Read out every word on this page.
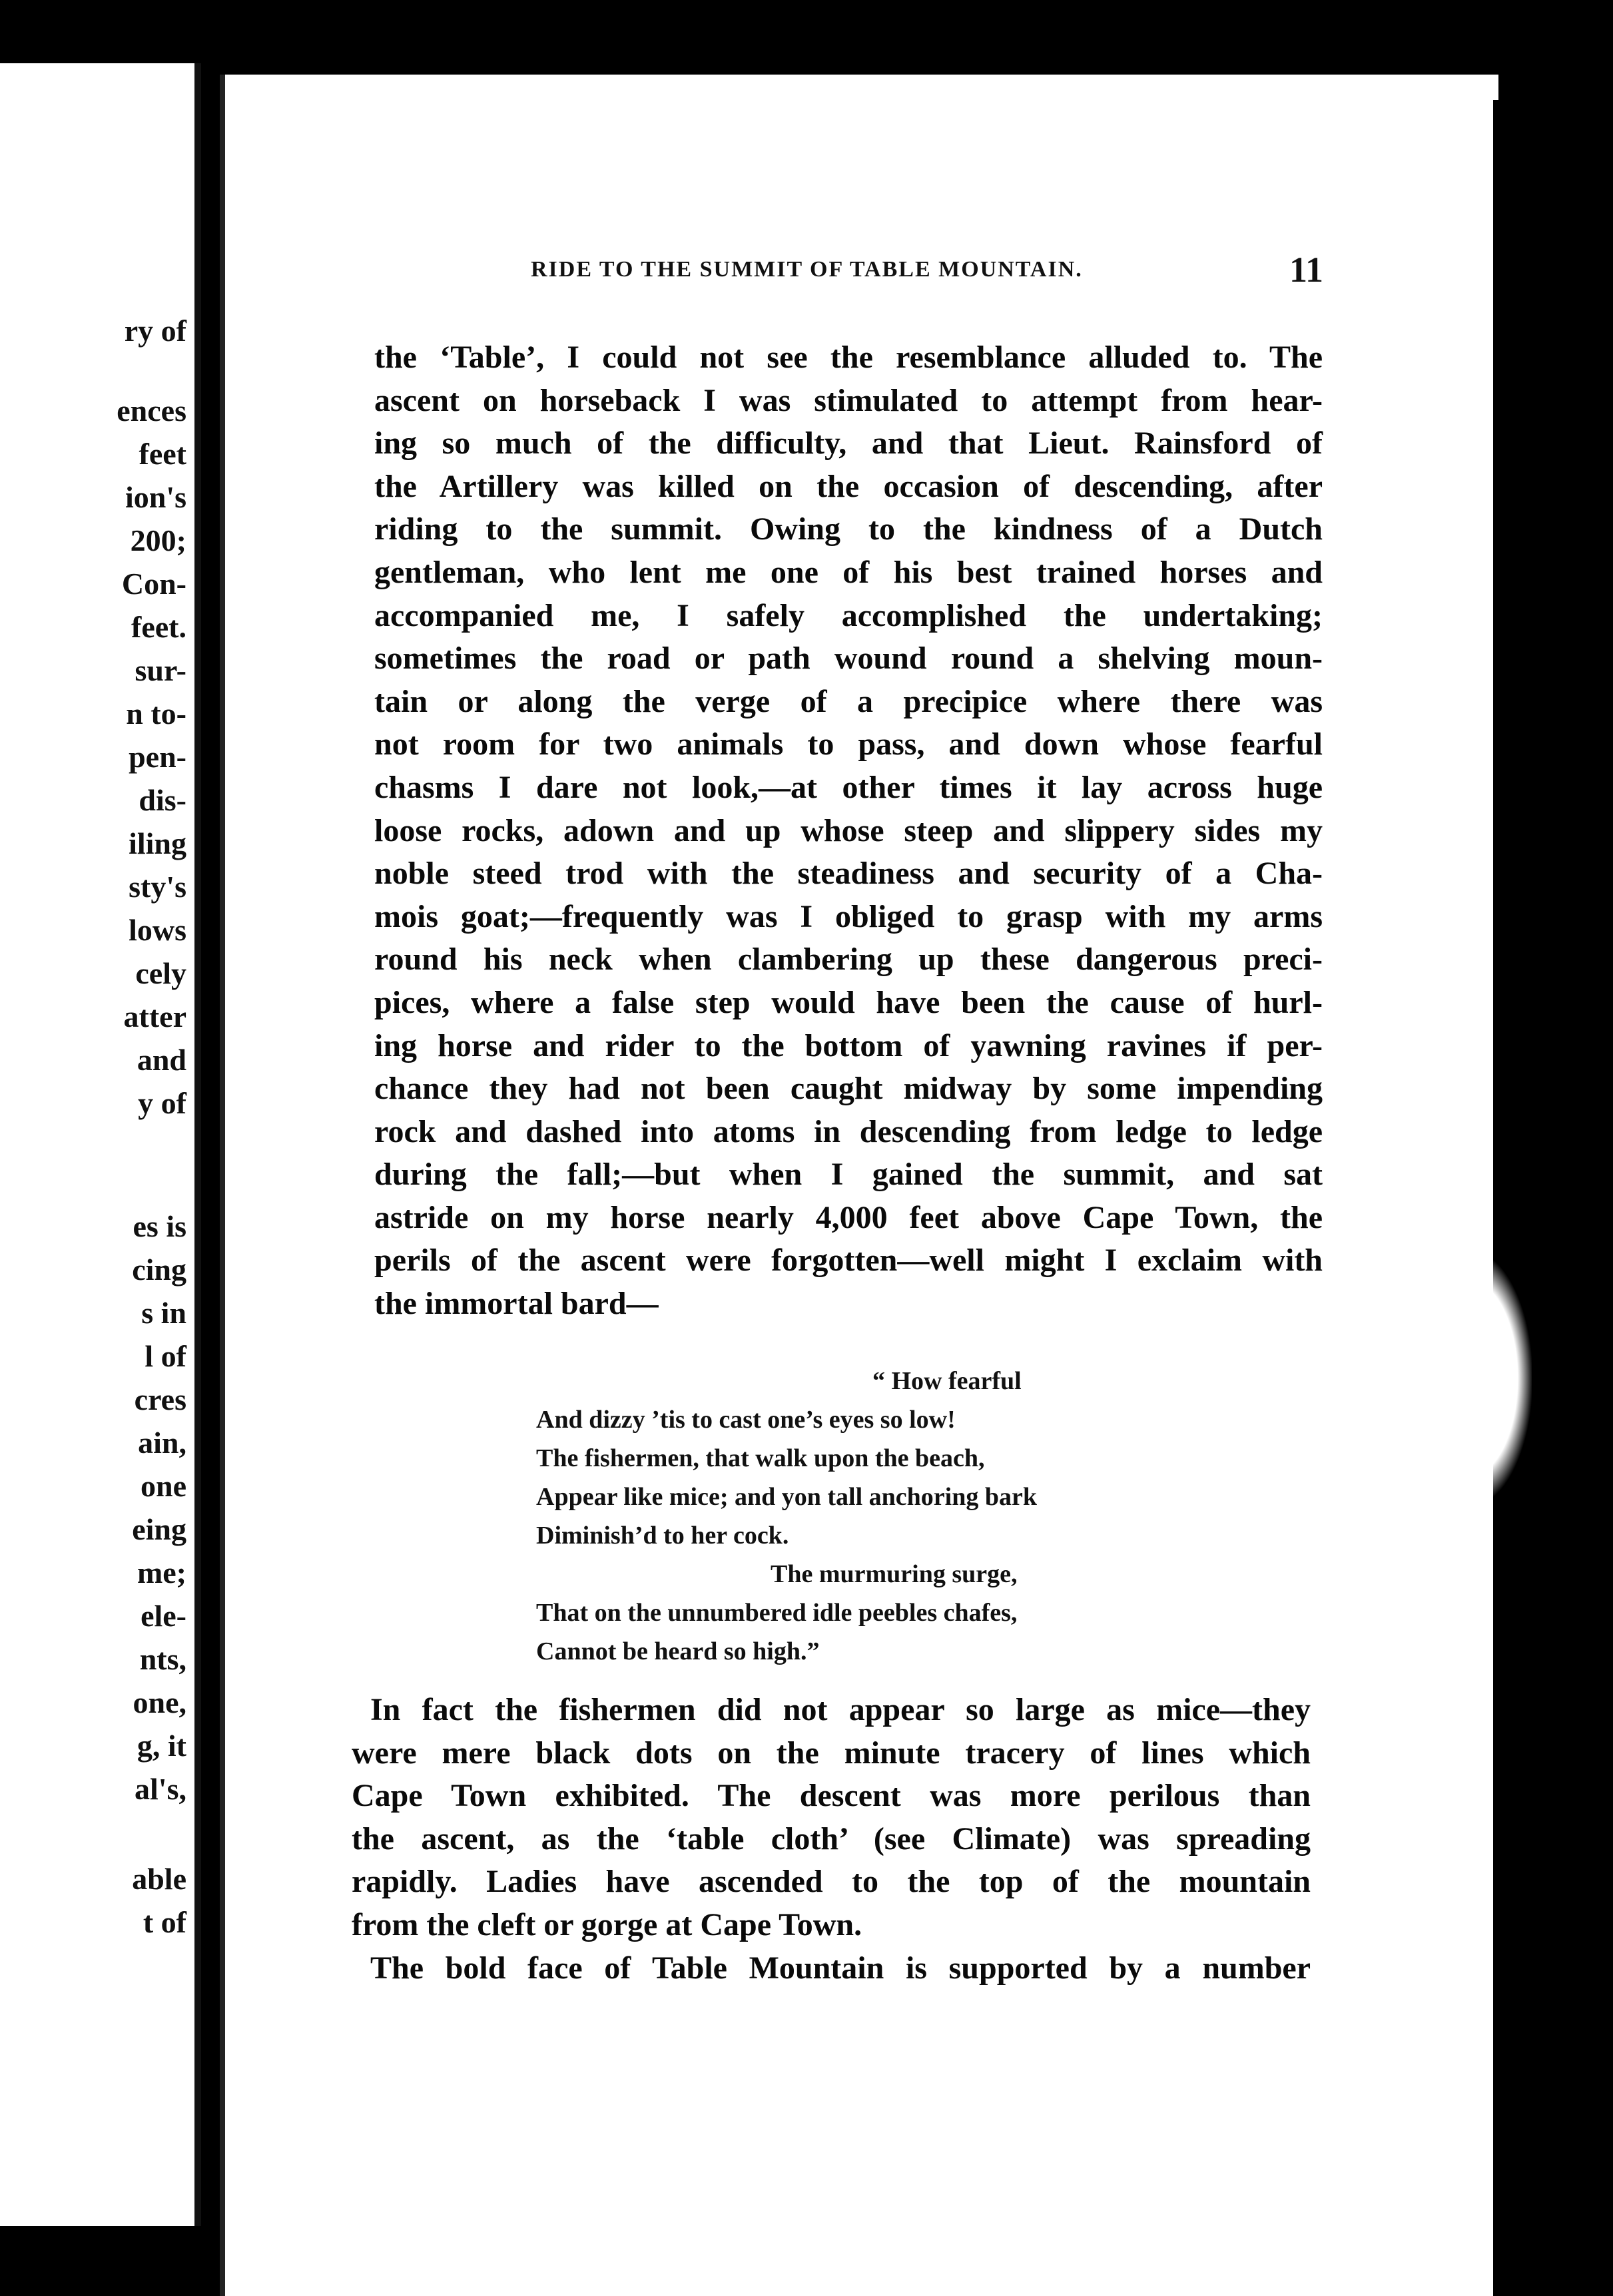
ry of
ences
feet
ion's
200;
Con-
feet.
sur-
n to-
pen-
dis-
iling
sty's
lows
cely
atter
and
y of
es is
cing
s in
l of
cres
ain,
one
eing
me;
ele-
nts,
one,
g, it
al's,
able
t of
RIDE TO THE SUMMIT OF TABLE MOUNTAIN.	11
the ‘Table’, I could not see the resemblance alluded to. The
ascent on horseback I was stimulated to attempt from hear-
ing so much of the difficulty, and that Lieut. Rainsford of
the Artillery was killed on the occasion of descending, after
riding to the summit. Owing to the kindness of a Dutch
gentleman, who lent me one of his best trained horses and
accompanied me, I safely accomplished the undertaking;
sometimes the road or path wound round a shelving moun-
tain or along the verge of a precipice where there was
not room for two animals to pass, and down whose fearful
chasms I dare not look,—at other times it lay across huge
loose rocks, adown and up whose steep and slippery sides my
noble steed trod with the steadiness and security of a Cha-
mois goat;—frequently was I obliged to grasp with my arms
round his neck when clambering up these dangerous preci-
pices, where a false step would have been the cause of hurl-
ing horse and rider to the bottom of yawning ravines if per-
chance they had not been caught midway by some impending
rock and dashed into atoms in descending from ledge to ledge
during the fall;—but when I gained the summit, and sat
astride on my horse nearly 4,000 feet above Cape Town, the
perils of the ascent were forgotten—well might I exclaim with
the immortal bard—
“ How fearful
And dizzy ’tis to cast one’s eyes so low!
The fishermen, that walk upon the beach,
Appear like mice; and yon tall anchoring bark
Diminish’d to her cock.
The murmuring surge,
That on the unnumbered idle peebles chafes,
Cannot be heard so high.”
In fact the fishermen did not appear so large as mice—they
were mere black dots on the minute tracery of lines which
Cape Town exhibited. The descent was more perilous than
the ascent, as the ‘table cloth’ (see Climate) was spreading
rapidly. Ladies have ascended to the top of the mountain
from the cleft or gorge at Cape Town.
The bold face of Table Mountain is supported by a number
